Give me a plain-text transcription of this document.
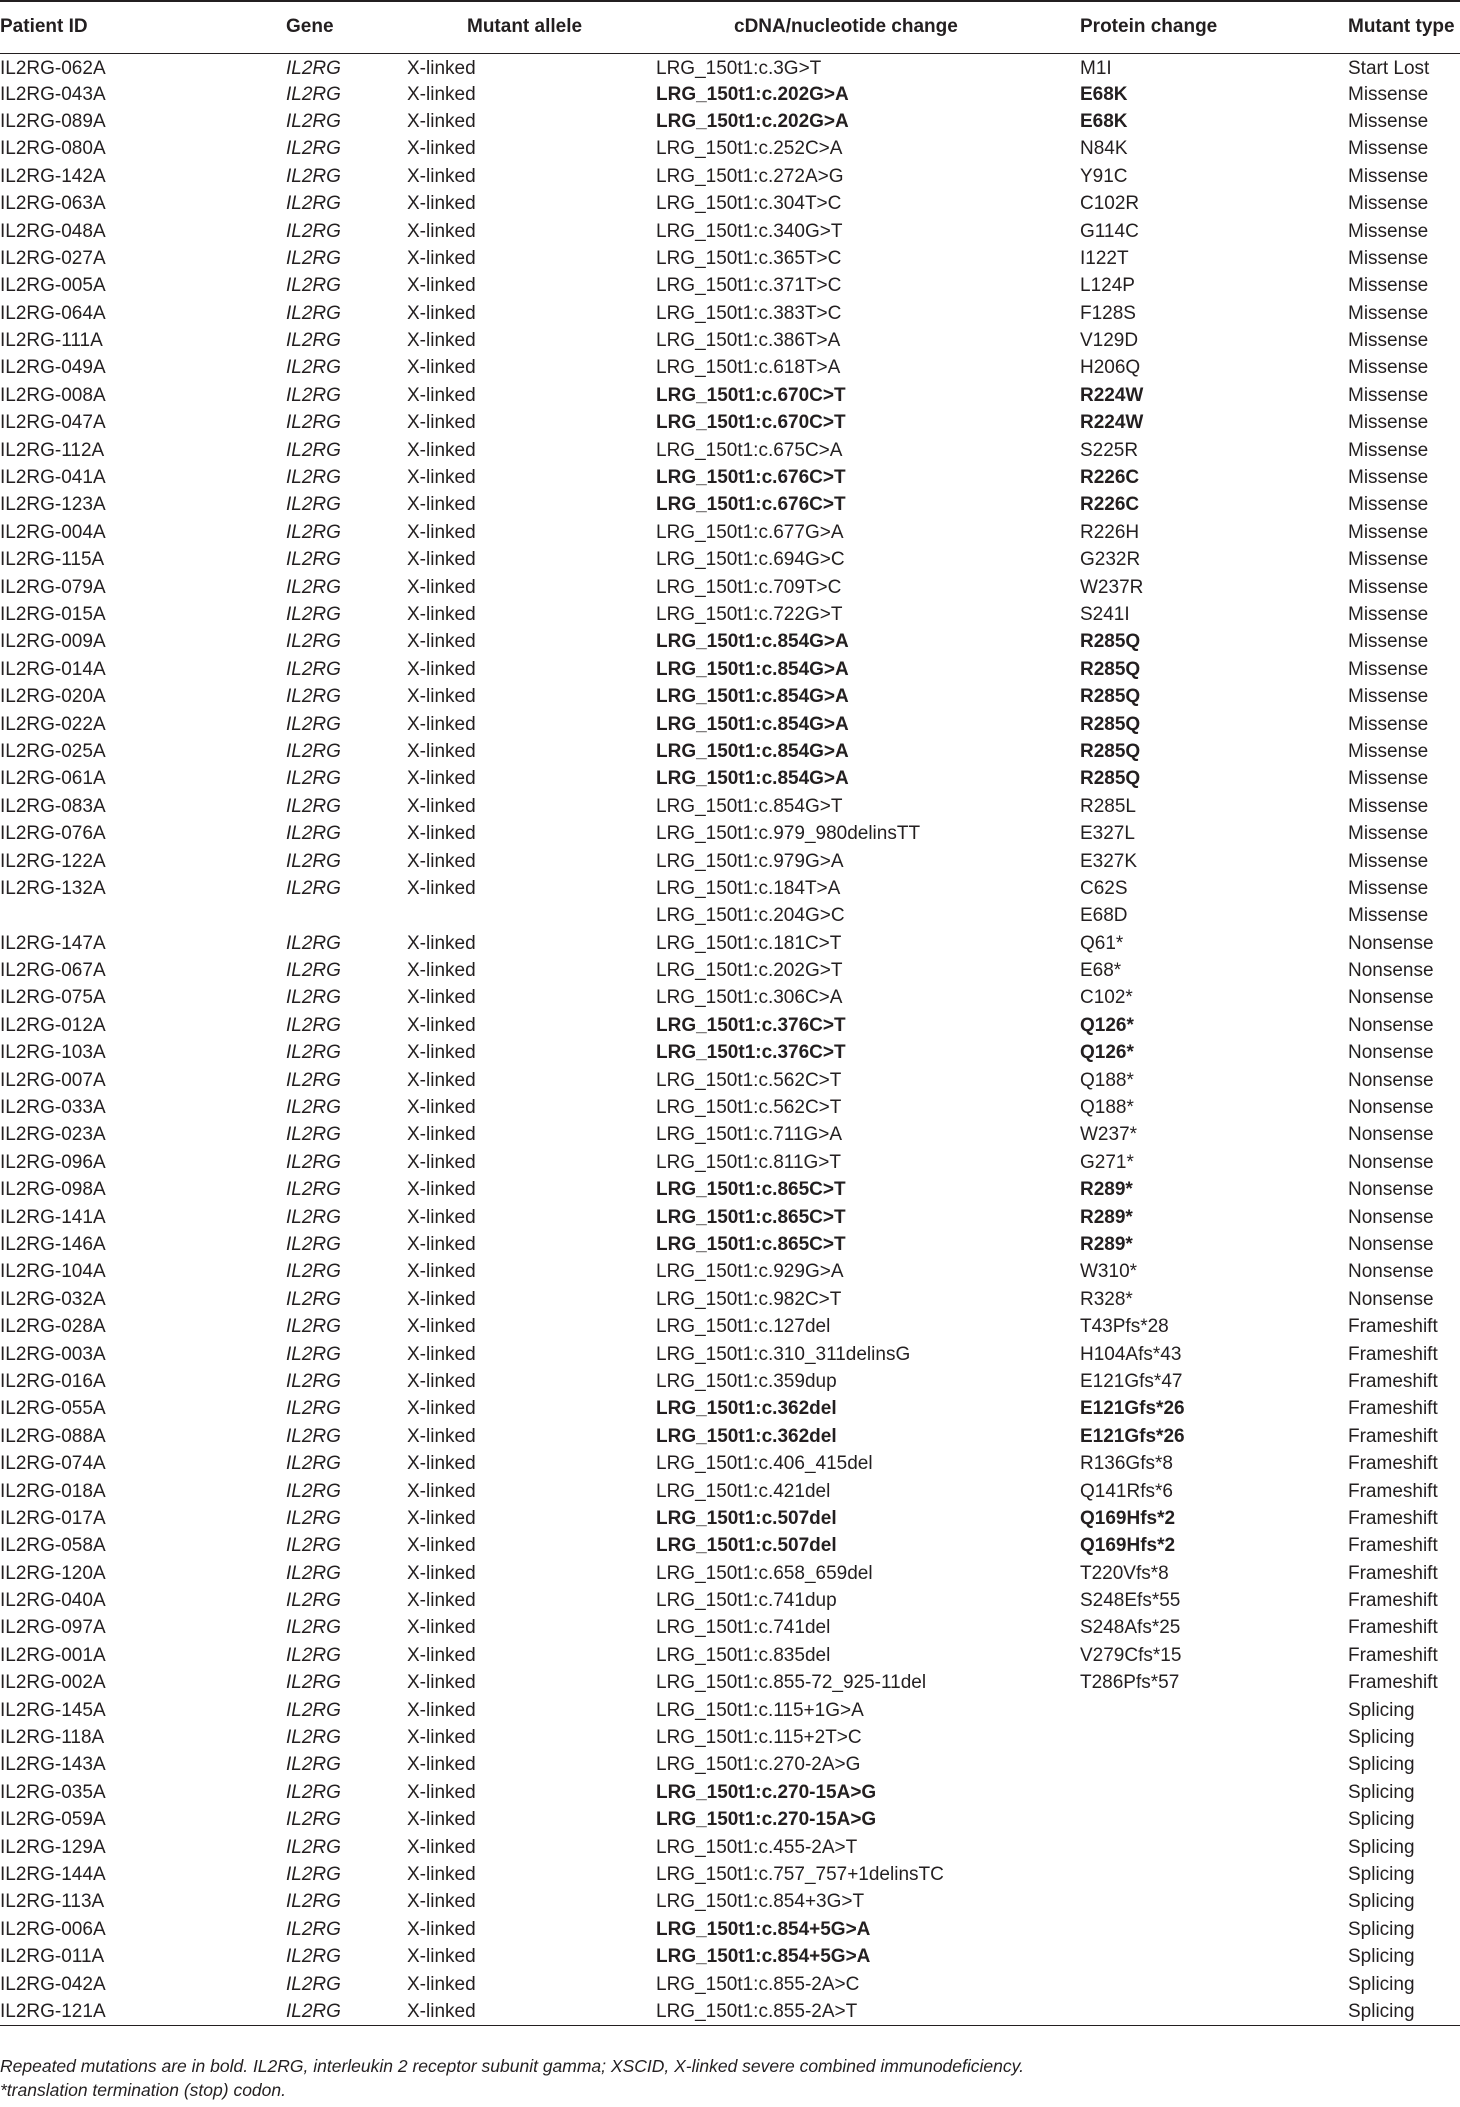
Patient ID	Gene	Mutant allele	cDNA/nucleotide change	Protein change	Mutant type
IL2RG-062A	IL2RG	X-linked	LRG_150t1:c.3G>T	M1I	Start Lost
IL2RG-043A	IL2RG	X-linked	LRG_150t1:c.202G>A	E68K	Missense
IL2RG-089A	IL2RG	X-linked	LRG_150t1:c.202G>A	E68K	Missense
IL2RG-080A	IL2RG	X-linked	LRG_150t1:c.252C>A	N84K	Missense
IL2RG-142A	IL2RG	X-linked	LRG_150t1:c.272A>G	Y91C	Missense
IL2RG-063A	IL2RG	X-linked	LRG_150t1:c.304T>C	C102R	Missense
IL2RG-048A	IL2RG	X-linked	LRG_150t1:c.340G>T	G114C	Missense
IL2RG-027A	IL2RG	X-linked	LRG_150t1:c.365T>C	I122T	Missense
IL2RG-005A	IL2RG	X-linked	LRG_150t1:c.371T>C	L124P	Missense
IL2RG-064A	IL2RG	X-linked	LRG_150t1:c.383T>C	F128S	Missense
IL2RG-111A	IL2RG	X-linked	LRG_150t1:c.386T>A	V129D	Missense
IL2RG-049A	IL2RG	X-linked	LRG_150t1:c.618T>A	H206Q	Missense
IL2RG-008A	IL2RG	X-linked	LRG_150t1:c.670C>T	R224W	Missense
IL2RG-047A	IL2RG	X-linked	LRG_150t1:c.670C>T	R224W	Missense
IL2RG-112A	IL2RG	X-linked	LRG_150t1:c.675C>A	S225R	Missense
IL2RG-041A	IL2RG	X-linked	LRG_150t1:c.676C>T	R226C	Missense
IL2RG-123A	IL2RG	X-linked	LRG_150t1:c.676C>T	R226C	Missense
IL2RG-004A	IL2RG	X-linked	LRG_150t1:c.677G>A	R226H	Missense
IL2RG-115A	IL2RG	X-linked	LRG_150t1:c.694G>C	G232R	Missense
IL2RG-079A	IL2RG	X-linked	LRG_150t1:c.709T>C	W237R	Missense
IL2RG-015A	IL2RG	X-linked	LRG_150t1:c.722G>T	S241I	Missense
IL2RG-009A	IL2RG	X-linked	LRG_150t1:c.854G>A	R285Q	Missense
IL2RG-014A	IL2RG	X-linked	LRG_150t1:c.854G>A	R285Q	Missense
IL2RG-020A	IL2RG	X-linked	LRG_150t1:c.854G>A	R285Q	Missense
IL2RG-022A	IL2RG	X-linked	LRG_150t1:c.854G>A	R285Q	Missense
IL2RG-025A	IL2RG	X-linked	LRG_150t1:c.854G>A	R285Q	Missense
IL2RG-061A	IL2RG	X-linked	LRG_150t1:c.854G>A	R285Q	Missense
IL2RG-083A	IL2RG	X-linked	LRG_150t1:c.854G>T	R285L	Missense
IL2RG-076A	IL2RG	X-linked	LRG_150t1:c.979_980delinsTT	E327L	Missense
IL2RG-122A	IL2RG	X-linked	LRG_150t1:c.979G>A	E327K	Missense
IL2RG-132A	IL2RG	X-linked	LRG_150t1:c.184T>A	C62S	Missense
			LRG_150t1:c.204G>C	E68D	Missense
IL2RG-147A	IL2RG	X-linked	LRG_150t1:c.181C>T	Q61*	Nonsense
IL2RG-067A	IL2RG	X-linked	LRG_150t1:c.202G>T	E68*	Nonsense
IL2RG-075A	IL2RG	X-linked	LRG_150t1:c.306C>A	C102*	Nonsense
IL2RG-012A	IL2RG	X-linked	LRG_150t1:c.376C>T	Q126*	Nonsense
IL2RG-103A	IL2RG	X-linked	LRG_150t1:c.376C>T	Q126*	Nonsense
IL2RG-007A	IL2RG	X-linked	LRG_150t1:c.562C>T	Q188*	Nonsense
IL2RG-033A	IL2RG	X-linked	LRG_150t1:c.562C>T	Q188*	Nonsense
IL2RG-023A	IL2RG	X-linked	LRG_150t1:c.711G>A	W237*	Nonsense
IL2RG-096A	IL2RG	X-linked	LRG_150t1:c.811G>T	G271*	Nonsense
IL2RG-098A	IL2RG	X-linked	LRG_150t1:c.865C>T	R289*	Nonsense
IL2RG-141A	IL2RG	X-linked	LRG_150t1:c.865C>T	R289*	Nonsense
IL2RG-146A	IL2RG	X-linked	LRG_150t1:c.865C>T	R289*	Nonsense
IL2RG-104A	IL2RG	X-linked	LRG_150t1:c.929G>A	W310*	Nonsense
IL2RG-032A	IL2RG	X-linked	LRG_150t1:c.982C>T	R328*	Nonsense
IL2RG-028A	IL2RG	X-linked	LRG_150t1:c.127del	T43Pfs*28	Frameshift
IL2RG-003A	IL2RG	X-linked	LRG_150t1:c.310_311delinsG	H104Afs*43	Frameshift
IL2RG-016A	IL2RG	X-linked	LRG_150t1:c.359dup	E121Gfs*47	Frameshift
IL2RG-055A	IL2RG	X-linked	LRG_150t1:c.362del	E121Gfs*26	Frameshift
IL2RG-088A	IL2RG	X-linked	LRG_150t1:c.362del	E121Gfs*26	Frameshift
IL2RG-074A	IL2RG	X-linked	LRG_150t1:c.406_415del	R136Gfs*8	Frameshift
IL2RG-018A	IL2RG	X-linked	LRG_150t1:c.421del	Q141Rfs*6	Frameshift
IL2RG-017A	IL2RG	X-linked	LRG_150t1:c.507del	Q169Hfs*2	Frameshift
IL2RG-058A	IL2RG	X-linked	LRG_150t1:c.507del	Q169Hfs*2	Frameshift
IL2RG-120A	IL2RG	X-linked	LRG_150t1:c.658_659del	T220Vfs*8	Frameshift
IL2RG-040A	IL2RG	X-linked	LRG_150t1:c.741dup	S248Efs*55	Frameshift
IL2RG-097A	IL2RG	X-linked	LRG_150t1:c.741del	S248Afs*25	Frameshift
IL2RG-001A	IL2RG	X-linked	LRG_150t1:c.835del	V279Cfs*15	Frameshift
IL2RG-002A	IL2RG	X-linked	LRG_150t1:c.855-72_925-11del	T286Pfs*57	Frameshift
IL2RG-145A	IL2RG	X-linked	LRG_150t1:c.115+1G>A		Splicing
IL2RG-118A	IL2RG	X-linked	LRG_150t1:c.115+2T>C		Splicing
IL2RG-143A	IL2RG	X-linked	LRG_150t1:c.270-2A>G		Splicing
IL2RG-035A	IL2RG	X-linked	LRG_150t1:c.270-15A>G		Splicing
IL2RG-059A	IL2RG	X-linked	LRG_150t1:c.270-15A>G		Splicing
IL2RG-129A	IL2RG	X-linked	LRG_150t1:c.455-2A>T		Splicing
IL2RG-144A	IL2RG	X-linked	LRG_150t1:c.757_757+1delinsTC		Splicing
IL2RG-113A	IL2RG	X-linked	LRG_150t1:c.854+3G>T		Splicing
IL2RG-006A	IL2RG	X-linked	LRG_150t1:c.854+5G>A		Splicing
IL2RG-011A	IL2RG	X-linked	LRG_150t1:c.854+5G>A		Splicing
IL2RG-042A	IL2RG	X-linked	LRG_150t1:c.855-2A>C		Splicing
IL2RG-121A	IL2RG	X-linked	LRG_150t1:c.855-2A>T		Splicing

Repeated mutations are in bold. IL2RG, interleukin 2 receptor subunit gamma; XSCID, X-linked severe combined immunodeficiency.

*translation termination (stop) codon.
